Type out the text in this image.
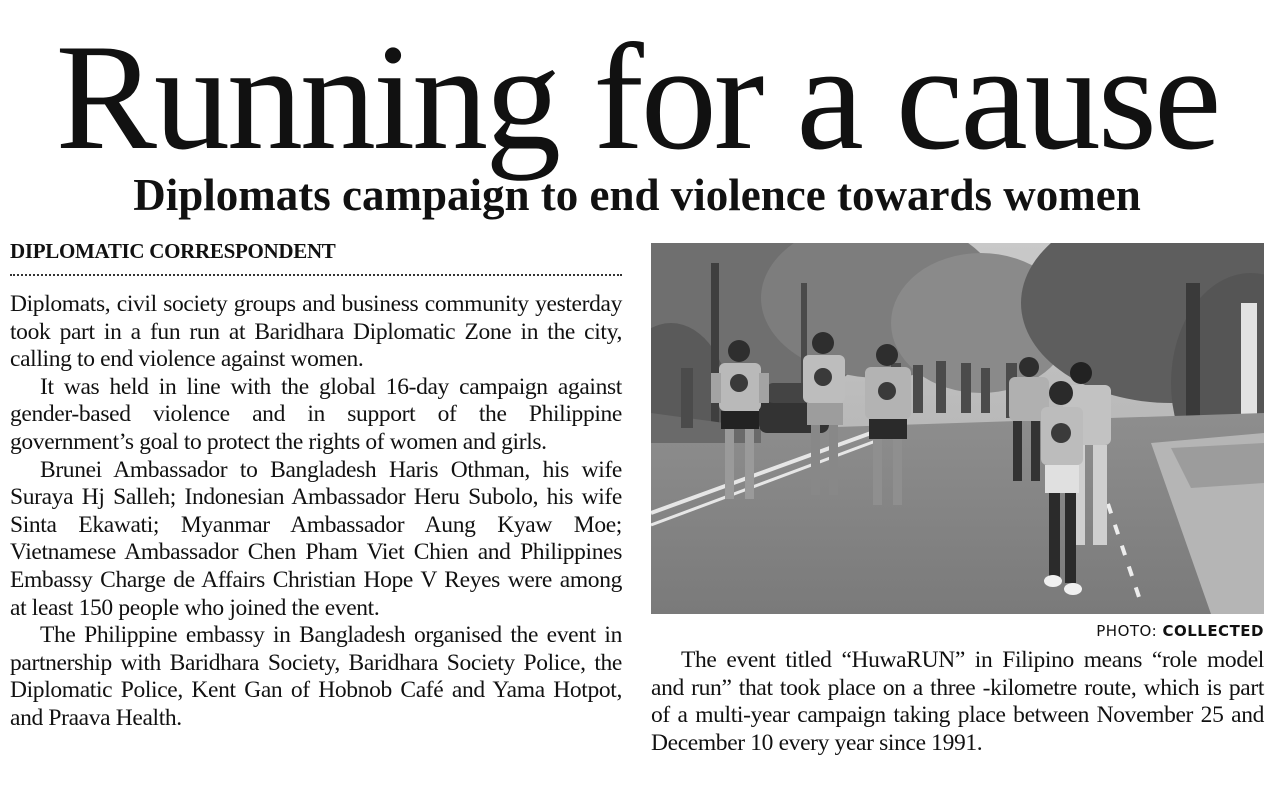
Running for a cause
Diplomats campaign to end violence towards women
DIPLOMATIC CORRESPONDENT

Diplomats, civil society groups and business community yesterday took part in a fun run at Baridhara Diplomatic Zone in the city, calling to end violence against women.

It was held in line with the global 16-day campaign against gender-based violence and in support of the Philippine government’s goal to protect the rights of women and girls.

Brunei Ambassador to Bangladesh Haris Othman, his wife Suraya Hj Salleh; Indonesian Ambassador Heru Subolo, his wife Sinta Ekawati; Myanmar Ambassador Aung Kyaw Moe; Vietnamese Ambassador Chen Pham Viet Chien and Philippines Embassy Charge de Affairs Christian Hope V Reyes were among at least 150 people who joined the event.

The Philippine embassy in Bangladesh organised the event in partnership with Baridhara Society, Baridhara Society Police, the Diplomatic Police, Kent Gan of Hobnob Café and Yama Hotpot, and Praava Health.

PHOTO: COLLECTED

The event titled “HuwaRUN” in Filipino means “role model and run” that took place on a three -kilometre route, which is part of a multi-year campaign taking place between November 25 and December 10 every year since 1991.
